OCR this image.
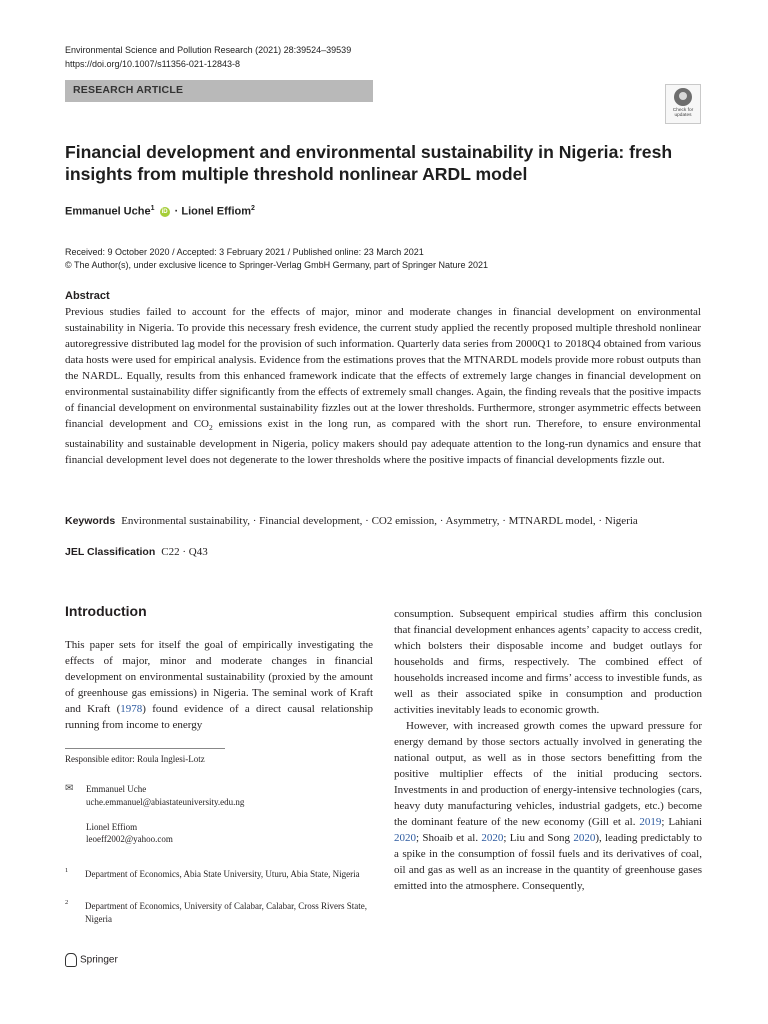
Environmental Science and Pollution Research (2021) 28:39524–39539
https://doi.org/10.1007/s11356-021-12843-8
RESEARCH ARTICLE
Check for updates
Financial development and environmental sustainability in Nigeria: fresh insights from multiple threshold nonlinear ARDL model
Emmanuel Uche$^1$ iD · Lionel Effiom$^2$
Received: 9 October 2020 / Accepted: 3 February 2021 / Published online: 23 March 2021
© The Author(s), under exclusive licence to Springer-Verlag GmbH Germany, part of Springer Nature 2021
Abstract
Previous studies failed to account for the effects of major, minor and moderate changes in financial development on environmental sustainability in Nigeria. To provide this necessary fresh evidence, the current study applied the recently proposed multiple threshold nonlinear autoregressive distributed lag model for the provision of such information. Quarterly data series from 2000Q1 to 2018Q4 obtained from various data hosts were used for empirical analysis. Evidence from the estimations proves that the MTNARDL models provide more robust outputs than the NARDL. Equally, results from this enhanced framework indicate that the effects of extremely large changes in financial development on environmental sustainability differ significantly from the effects of extremely small changes. Again, the finding reveals that the positive impacts of financial development on environmental sustainability fizzles out at the lower thresholds. Furthermore, stronger asymmetric effects between financial development and $CO_2$ emissions exist in the long run, as compared with the short run. Therefore, to ensure environmental sustainability and sustainable development in Nigeria, policy makers should pay adequate attention to the long-run dynamics and ensure that financial development level does not degenerate to the lower thresholds where the positive impacts of financial developments fizzle out.
Keywords Environmental sustainability, · Financial development, · CO2 emission, · Asymmetry, · MTNARDL model, · Nigeria
JEL Classification C22 · Q43
Introduction
This paper sets for itself the goal of empirically investigating the effects of major, minor and moderate changes in financial development on environmental sustainability (proxied by the amount of greenhouse gas emissions) in Nigeria. The seminal work of Kraft and Kraft (1978) found evidence of a direct causal relationship running from income to energy
Responsible editor: Roula Inglesi-Lotz
✉	Emmanuel Uche
uche.emmanuel@abiastateuniversity.edu.ng
Lionel Effiom
leoeff2002@yahoo.com
1 Department of Economics, Abia State University, Uturu, Abia State, Nigeria
2 Department of Economics, University of Calabar, Calabar, Cross Rivers State, Nigeria

consumption. Subsequent empirical studies affirm this conclusion that financial development enhances agents’ capacity to access credit, which bolsters their disposable income and budget outlays for households and firms, respectively. The combined effect of households increased income and firms’ access to investible funds, as well as their associated spike in consumption and production activities inevitably leads to economic growth.

However, with increased growth comes the upward pressure for energy demand by those sectors actually involved in generating the national output, as well as in those sectors benefitting from the positive multiplier effects of the initial producing sectors. Investments in and production of energy-intensive technologies (cars, heavy duty manufacturing vehicles, industrial gadgets, etc.) become the dominant feature of the new economy (Gill et al. 2019; Lahiani 2020; Shoaib et al. 2020; Liu and Song 2020), leading predictably to a spike in the consumption of fossil fuels and its derivatives of coal, oil and gas as well as an increase in the quantity of greenhouse gases emitted into the atmosphere. Consequently,

Springer
